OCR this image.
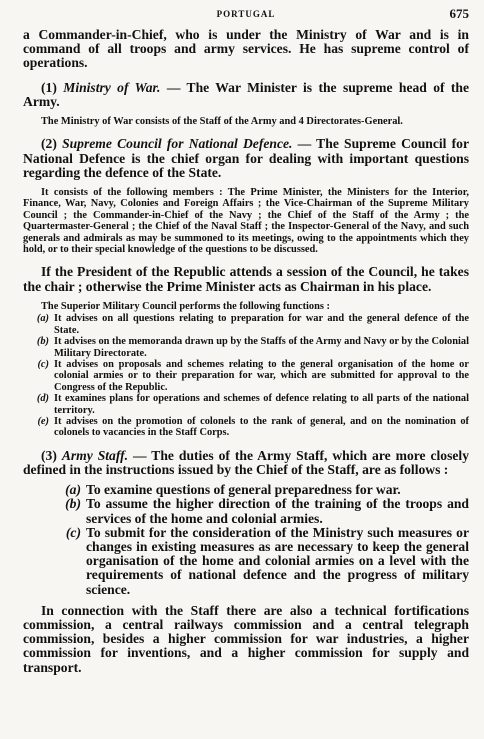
PORTUGAL	675

a Commander-in-Chief, who is under the Ministry of War and is in command of all troops and army services. He has supreme control of operations.

(1) Ministry of War. — The War Minister is the supreme head of the Army.

The Ministry of War consists of the Staff of the Army and 4 Directorates-General.

(2) Supreme Council for National Defence. — The Supreme Council for National Defence is the chief organ for dealing with important questions regarding the defence of the State.

It consists of the following members : The Prime Minister, the Ministers for the Interior, Finance, War, Navy, Colonies and Foreign Affairs ; the Vice-Chairman of the Supreme Military Council ; the Commander-in-Chief of the Navy ; the Chief of the Staff of the Army ; the Quartermaster-General ; the Chief of the Naval Staff ; the Inspector-General of the Navy, and such generals and admirals as may be summoned to its meetings, owing to the appointments which they hold, or to their special knowledge of the questions to be discussed.

If the President of the Republic attends a session of the Council, he takes the chair ; otherwise the Prime Minister acts as Chairman in his place.

The Superior Military Council performs the following functions :

(a) It advises on all questions relating to preparation for war and the general defence of the State.
(b) It advises on the memoranda drawn up by the Staffs of the Army and Navy or by the Colonial Military Directorate.
(c) It advises on proposals and schemes relating to the general organisation of the home or colonial armies or to their preparation for war, which are submitted for approval to the Congress of the Republic.
(d) It examines plans for operations and schemes of defence relating to all parts of the national territory.
(e) It advises on the promotion of colonels to the rank of general, and on the nomination of colonels to vacancies in the Staff Corps.

(3) Army Staff. — The duties of the Army Staff, which are more closely defined in the instructions issued by the Chief of the Staff, are as follows :

(a) To examine questions of general preparedness for war.
(b) To assume the higher direction of the training of the troops and services of the home and colonial armies.
(c) To submit for the consideration of the Ministry such measures or changes in existing measures as are necessary to keep the general organisation of the home and colonial armies on a level with the requirements of national defence and the progress of military science.

In connection with the Staff there are also a technical fortifications commission, a central railways commission and a central telegraph commission, besides a higher commission for war industries, a higher commission for inventions, and a higher commission for supply and transport.
